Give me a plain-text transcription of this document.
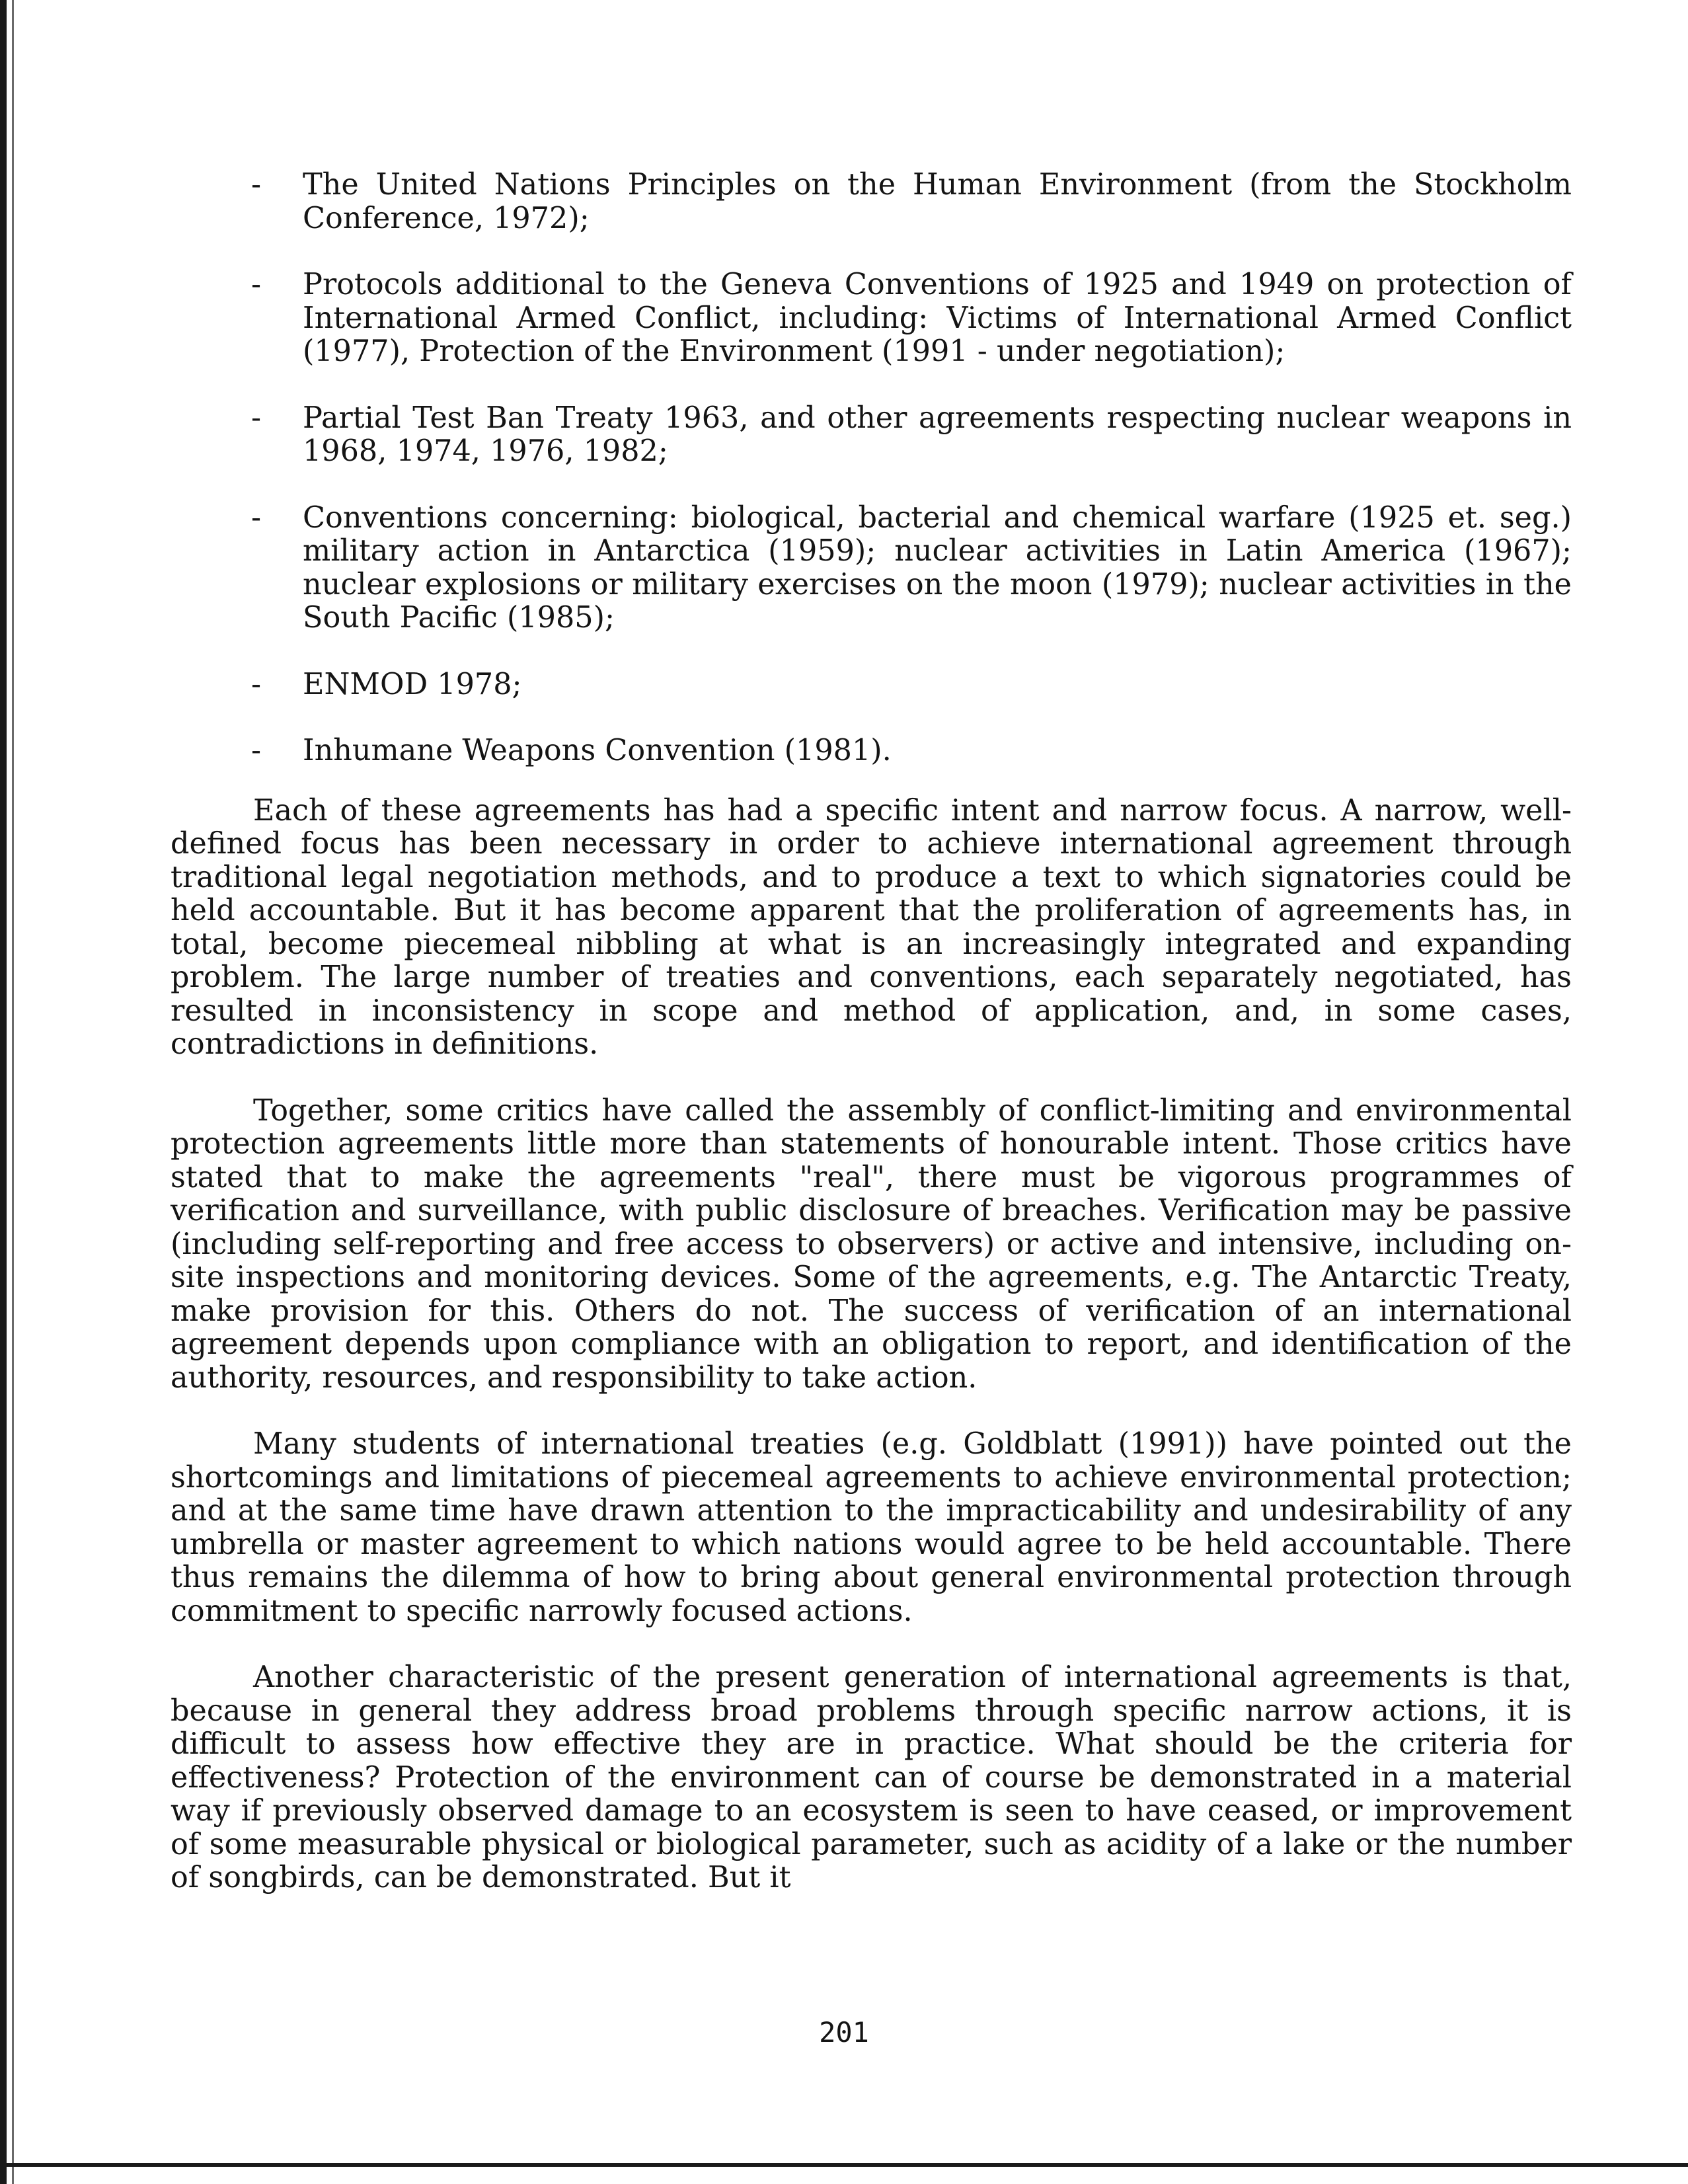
- The United Nations Principles on the Human Environment (from the Stockholm Conference, 1972);
- Protocols additional to the Geneva Conventions of 1925 and 1949 on protection of International Armed Conflict, including: Victims of International Armed Conflict (1977), Protection of the Environment (1991 - under negotiation);
- Partial Test Ban Treaty 1963, and other agreements respecting nuclear weapons in 1968, 1974, 1976, 1982;
- Conventions concerning: biological, bacterial and chemical warfare (1925 et. seg.) military action in Antarctica (1959); nuclear activities in Latin America (1967); nuclear explosions or military exercises on the moon (1979); nuclear activities in the South Pacific (1985);
- ENMOD 1978;
- Inhumane Weapons Convention (1981).

Each of these agreements has had a specific intent and narrow focus. A narrow, well-defined focus has been necessary in order to achieve international agreement through traditional legal negotiation methods, and to produce a text to which signatories could be held accountable. But it has become apparent that the proliferation of agreements has, in total, become piecemeal nibbling at what is an increasingly integrated and expanding problem. The large number of treaties and conventions, each separately negotiated, has resulted in inconsistency in scope and method of application, and, in some cases, contradictions in definitions.

Together, some critics have called the assembly of conflict-limiting and environmental protection agreements little more than statements of honourable intent. Those critics have stated that to make the agreements "real", there must be vigorous programmes of verification and surveillance, with public disclosure of breaches. Verification may be passive (including self-reporting and free access to observers) or active and intensive, including on-site inspections and monitoring devices. Some of the agreements, e.g. The Antarctic Treaty, make provision for this. Others do not. The success of verification of an international agreement depends upon compliance with an obligation to report, and identification of the authority, resources, and responsibility to take action.

Many students of international treaties (e.g. Goldblatt (1991)) have pointed out the shortcomings and limitations of piecemeal agreements to achieve environmental protection; and at the same time have drawn attention to the impracticability and undesirability of any umbrella or master agreement to which nations would agree to be held accountable. There thus remains the dilemma of how to bring about general environmental protection through commitment to specific narrowly focused actions.

Another characteristic of the present generation of international agreements is that, because in general they address broad problems through specific narrow actions, it is difficult to assess how effective they are in practice. What should be the criteria for effectiveness? Protection of the environment can of course be demonstrated in a material way if previously observed damage to an ecosystem is seen to have ceased, or improvement of some measurable physical or biological parameter, such as acidity of a lake or the number of songbirds, can be demonstrated. But it

201
